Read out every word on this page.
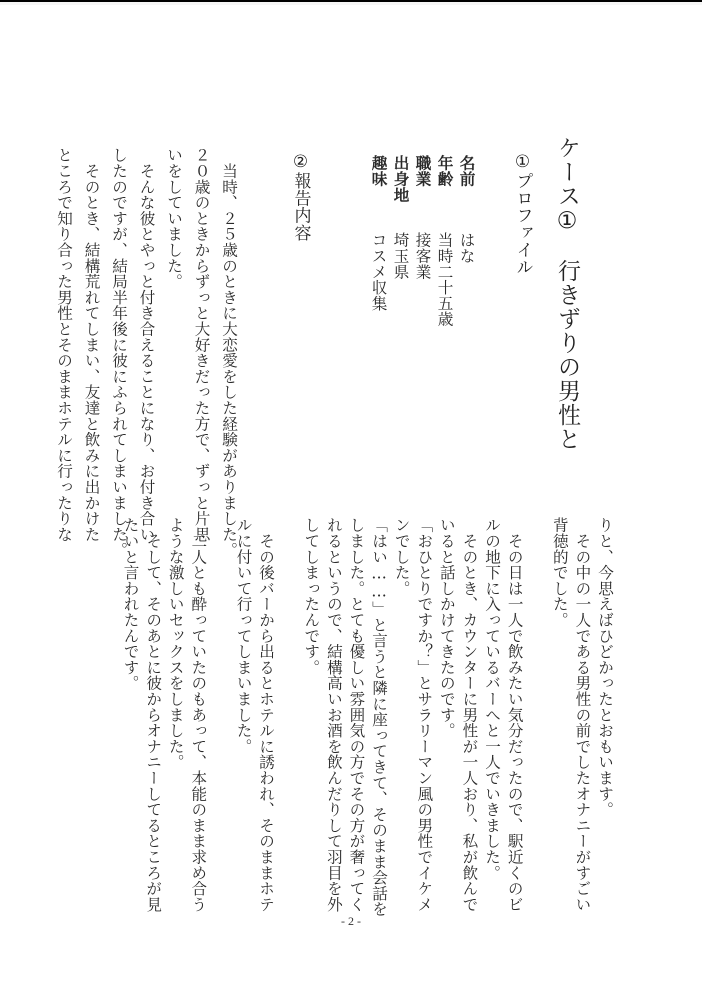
ケース①　行きずりの男性と
①プロファイル
名前
はな
年齢
当時二十五歳
職業
接客業
出身地
埼玉県
趣味
コスメ収集
②報告内容
　当時、２５歳のときに大恋愛をした経験がありました。
２０歳のときからずっと大好きだった方で、ずっと片思
いをしていました。
　そんな彼とやっと付き合えることになり、お付き合い
したのですが、結局半年後に彼にふられてしまいました。
　そのとき、結構荒れてしまい、友達と飲みに出かけた
ところで知り合った男性とそのままホテルに行ったりな
りと、今思えばひどかったとおもいます。
　その中の一人である男性の前でしたオナニーがすごい
背徳的でした。

　その日は一人で飲みたい気分だったので、駅近くのビ
ルの地下に入っているバーへと一人でいきました。
　そのとき、カウンターに男性が一人おり、私が飲んで
いると話しかけてきたのです。
「おひとりですか？」とサラリーマン風の男性でイケメ
ンでした。
「はい……」と言うと隣に座ってきて、そのまま会話を
しました。とても優しい雰囲気の方でその方が奢ってく
れるというので、結構高いお酒を飲んだりして羽目を外
してしまったんです。

　その後バーから出るとホテルに誘われ、そのままホテ
ルに付いて行ってしまいました。

　二人とも酔っていたのもあって、本能のまま求め合う
ような激しいセックスをしました。
　そして、そのあとに彼からオナニーしてるところが見
たいと言われたんです。
- 2 -
